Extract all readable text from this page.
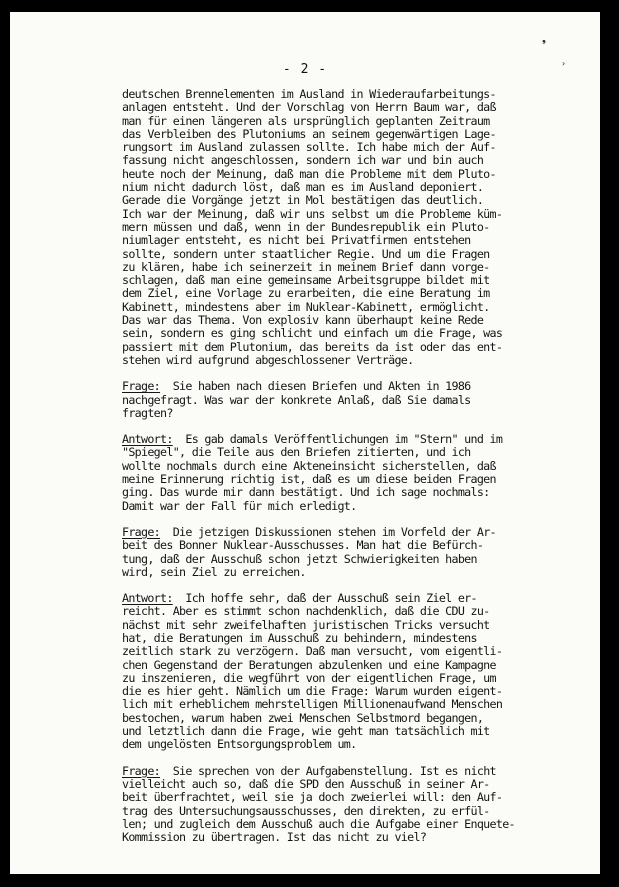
❟
›
- 2 -
deutschen Brennelementen im Ausland in Wiederaufarbeitungs-
anlagen entsteht. Und der Vorschlag von Herrn Baum war, daß
man für einen längeren als ursprünglich geplanten Zeitraum
das Verbleiben des Plutoniums an seinem gegenwärtigen Lage-
rungsort im Ausland zulassen sollte. Ich habe mich der Auf-
fassung nicht angeschlossen, sondern ich war und bin auch
heute noch der Meinung, daß man die Probleme mit dem Pluto-
nium nicht dadurch löst, daß man es im Ausland deponiert.
Gerade die Vorgänge jetzt in Mol bestätigen das deutlich.
Ich war der Meinung, daß wir uns selbst um die Probleme küm-
mern müssen und daß, wenn in der Bundesrepublik ein Pluto-
niumlager entsteht, es nicht bei Privatfirmen entstehen
sollte, sondern unter staatlicher Regie. Und um die Fragen
zu klären, habe ich seinerzeit in meinem Brief dann vorge-
schlagen, daß man eine gemeinsame Arbeitsgruppe bildet mit
dem Ziel, eine Vorlage zu erarbeiten, die eine Beratung im
Kabinett, mindestens aber im Nuklear-Kabinett, ermöglicht.
Das war das Thema. Von explosiv kann überhaupt keine Rede
sein, sondern es ging schlicht und einfach um die Frage, was
passiert mit dem Plutonium, das bereits da ist oder das ent-
stehen wird aufgrund abgeschlossener Verträge.
Frage:  Sie haben nach diesen Briefen und Akten in 1986
nachgefragt. Was war der konkrete Anlaß, daß Sie damals
fragten?
Antwort:  Es gab damals Veröffentlichungen im "Stern" und im
"Spiegel", die Teile aus den Briefen zitierten, und ich
wollte nochmals durch eine Akteneinsicht sicherstellen, daß
meine Erinnerung richtig ist, daß es um diese beiden Fragen
ging. Das wurde mir dann bestätigt. Und ich sage nochmals:
Damit war der Fall für mich erledigt.
Frage:  Die jetzigen Diskussionen stehen im Vorfeld der Ar-
beit des Bonner Nuklear-Ausschusses. Man hat die Befürch-
tung, daß der Ausschuß schon jetzt Schwierigkeiten haben
wird, sein Ziel zu erreichen.
Antwort:  Ich hoffe sehr, daß der Ausschuß sein Ziel er-
reicht. Aber es stimmt schon nachdenklich, daß die CDU zu-
nächst mit sehr zweifelhaften juristischen Tricks versucht
hat, die Beratungen im Ausschuß zu behindern, mindestens
zeitlich stark zu verzögern. Daß man versucht, vom eigentli-
chen Gegenstand der Beratungen abzulenken und eine Kampagne
zu inszenieren, die wegführt von der eigentlichen Frage, um
die es hier geht. Nämlich um die Frage: Warum wurden eigent-
lich mit erheblichem mehrstelligen Millionenaufwand Menschen
bestochen, warum haben zwei Menschen Selbstmord begangen,
und letztlich dann die Frage, wie geht man tatsächlich mit
dem ungelösten Entsorgungsproblem um.
Frage:  Sie sprechen von der Aufgabenstellung. Ist es nicht
vielleicht auch so, daß die SPD den Ausschuß in seiner Ar-
beit überfrachtet, weil sie ja doch zweierlei will: den Auf-
trag des Untersuchungsausschusses, den direkten, zu erfül-
len; und zugleich dem Ausschuß auch die Aufgabe einer Enquete-
Kommission zu übertragen. Ist das nicht zu viel?
